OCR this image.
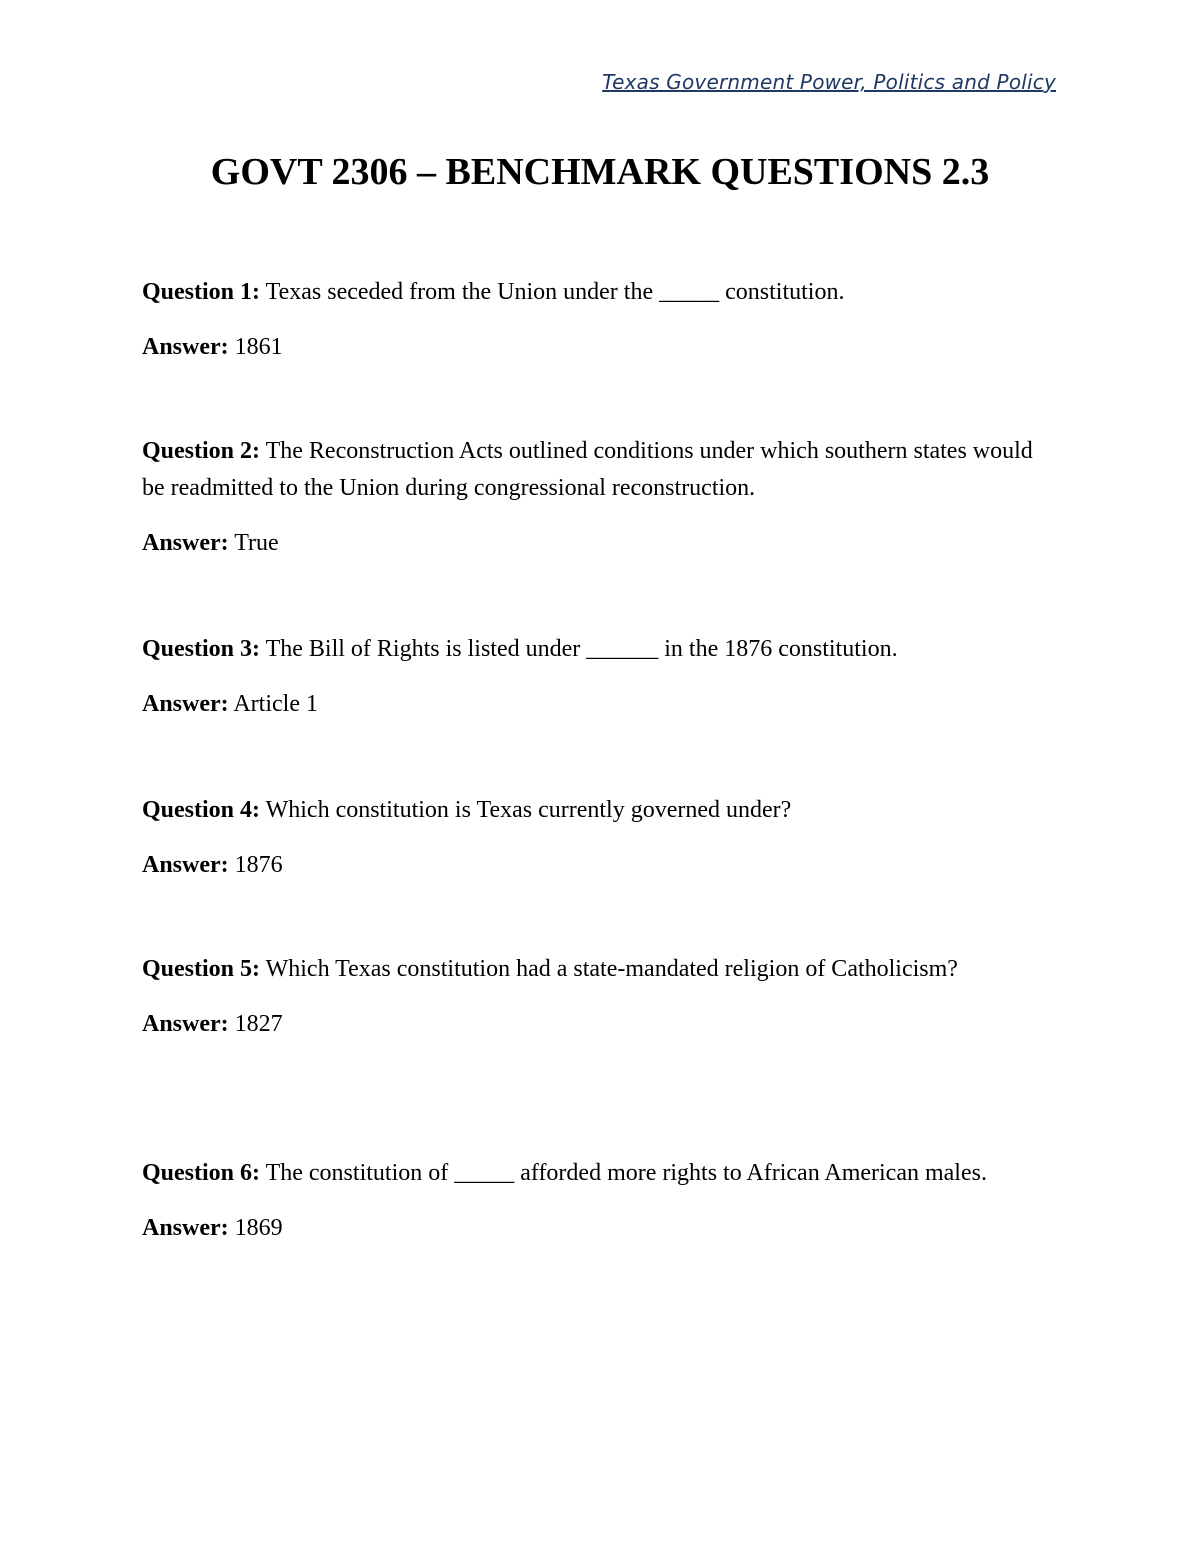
Texas Government Power, Politics and Policy
GOVT 2306 – BENCHMARK QUESTIONS 2.3

Question 1: Texas seceded from the Union under the _____ constitution.

Answer: 1861

Question 2: The Reconstruction Acts outlined conditions under which southern states would be readmitted to the Union during congressional reconstruction.

Answer: True

Question 3: The Bill of Rights is listed under ______ in the 1876 constitution.

Answer: Article 1

Question 4: Which constitution is Texas currently governed under?

Answer: 1876

Question 5: Which Texas constitution had a state-mandated religion of Catholicism?

Answer: 1827

Question 6: The constitution of _____ afforded more rights to African American males.

Answer: 1869
